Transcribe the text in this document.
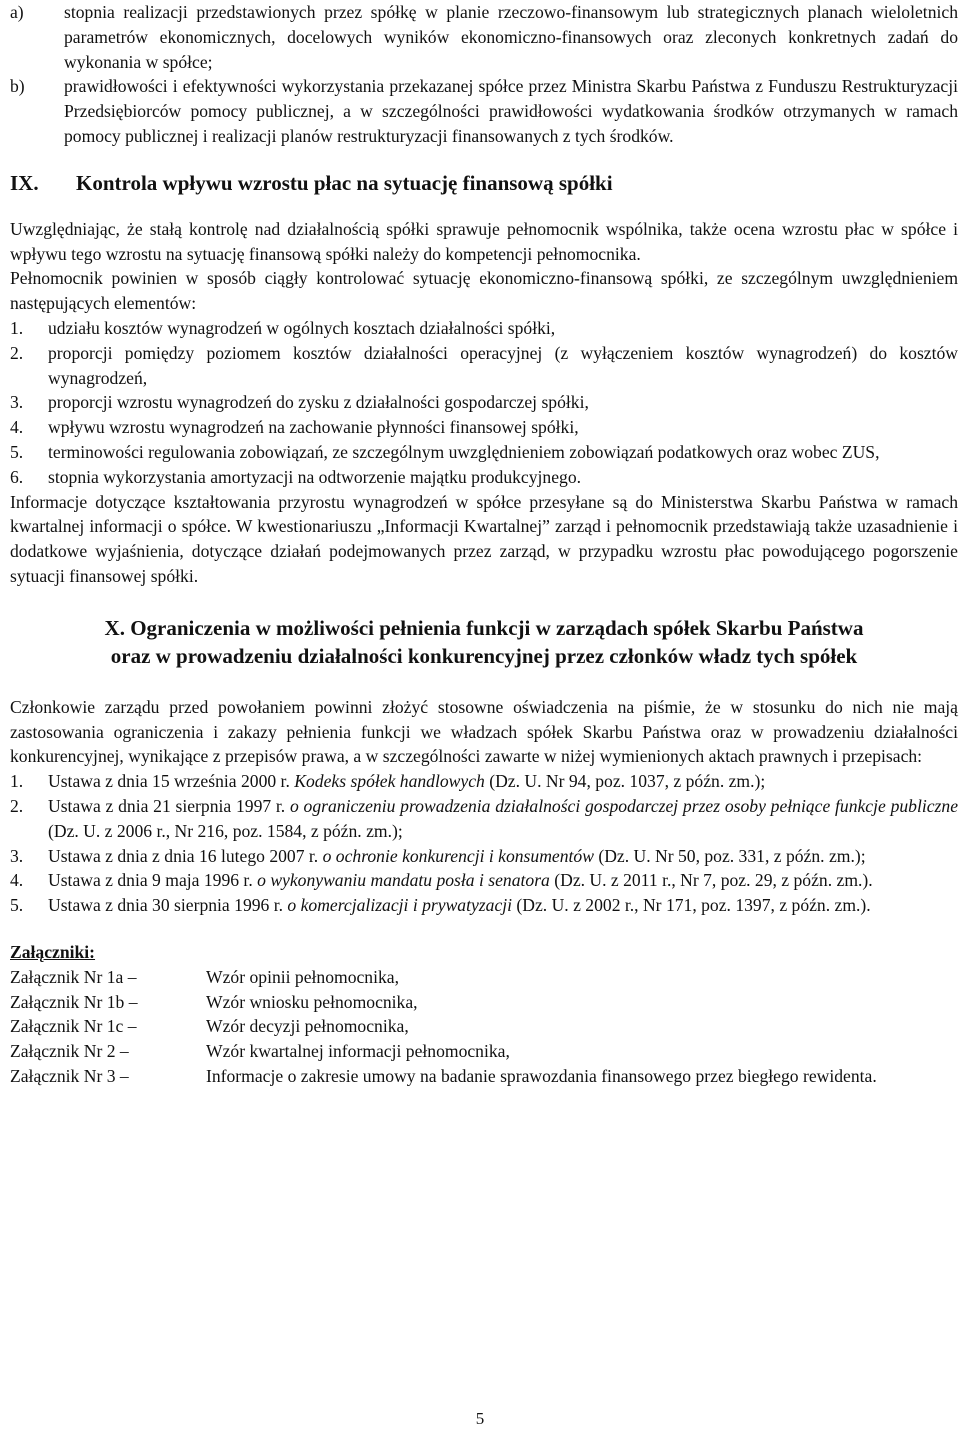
a)	stopnia realizacji przedstawionych przez spółkę w planie rzeczowo-finansowym lub strategicznych planach wieloletnich parametrów ekonomicznych, docelowych wyników ekonomiczno-finansowych oraz zleconych konkretnych zadań do wykonania w spółce;
b)	prawidłowości i efektywności wykorzystania przekazanej spółce przez Ministra Skarbu Państwa z Funduszu Restrukturyzacji Przedsiębiorców pomocy publicznej, a w szczególności prawidłowości wydatkowania środków otrzymanych w ramach pomocy publicznej i realizacji planów restrukturyzacji finansowanych z tych środków.
IX.	Kontrola wpływu wzrostu płac na sytuację finansową spółki
Uwzględniając, że stałą kontrolę nad działalnością spółki sprawuje pełnomocnik wspólnika, także ocena wzrostu płac w spółce i wpływu tego wzrostu na sytuację finansową spółki należy do kompetencji pełnomocnika.
Pełnomocnik powinien w sposób ciągły kontrolować sytuację ekonomiczno-finansową spółki, ze szczególnym uwzględnieniem następujących elementów:
1.	udziału kosztów wynagrodzeń w ogólnych kosztach działalności spółki,
2.	proporcji pomiędzy poziomem kosztów działalności operacyjnej (z wyłączeniem kosztów wynagrodzeń) do kosztów wynagrodzeń,
3.	proporcji wzrostu wynagrodzeń do zysku z działalności gospodarczej spółki,
4.	wpływu wzrostu wynagrodzeń na zachowanie płynności finansowej spółki,
5.	terminowości regulowania zobowiązań, ze szczególnym uwzględnieniem zobowiązań podatkowych oraz wobec ZUS,
6.	stopnia wykorzystania amortyzacji na odtworzenie majątku produkcyjnego.
Informacje dotyczące kształtowania przyrostu wynagrodzeń w spółce przesyłane są do Ministerstwa Skarbu Państwa w ramach kwartalnej informacji o spółce. W kwestionariuszu „Informacji Kwartalnej” zarząd i pełnomocnik przedstawiają także uzasadnienie i dodatkowe wyjaśnienia, dotyczące działań podejmowanych przez zarząd, w przypadku wzrostu płac powodującego pogorszenie sytuacji finansowej spółki.
X. Ograniczenia w możliwości pełnienia funkcji w zarządach spółek Skarbu Państwa
oraz w prowadzeniu działalności konkurencyjnej przez członków władz tych spółek
Członkowie zarządu przed powołaniem powinni złożyć stosowne oświadczenia na piśmie, że w stosunku do nich nie mają zastosowania ograniczenia i zakazy pełnienia funkcji we władzach spółek Skarbu Państwa oraz w prowadzeniu działalności konkurencyjnej, wynikające z przepisów prawa, a w szczególności zawarte w niżej wymienionych aktach prawnych i przepisach:
1.	Ustawa z dnia 15 września 2000 r. Kodeks spółek handlowych (Dz. U. Nr 94, poz. 1037, z późn. zm.);
2.	Ustawa z dnia 21 sierpnia 1997 r. o ograniczeniu prowadzenia działalności gospodarczej przez osoby pełniące funkcje publiczne (Dz. U. z 2006 r., Nr 216, poz. 1584, z późn. zm.);
3.	Ustawa z dnia z dnia 16 lutego 2007 r. o ochronie konkurencji i konsumentów (Dz. U. Nr 50, poz. 331, z późn. zm.);
4.	Ustawa z dnia 9 maja 1996 r. o wykonywaniu mandatu posła i senatora (Dz. U. z 2011 r., Nr 7, poz. 29, z późn. zm.).
5.	Ustawa z dnia 30 sierpnia 1996 r. o komercjalizacji i prywatyzacji (Dz. U. z 2002 r., Nr 171, poz. 1397, z późn. zm.).
Załączniki:
Załącznik Nr 1a –	Wzór opinii pełnomocnika,
Załącznik Nr 1b –	Wzór wniosku pełnomocnika,
Załącznik Nr 1c –	Wzór decyzji pełnomocnika,
Załącznik Nr 2 –	Wzór kwartalnej informacji pełnomocnika,
Załącznik Nr 3 –	Informacje o zakresie umowy na badanie sprawozdania finansowego przez biegłego rewidenta.
5
